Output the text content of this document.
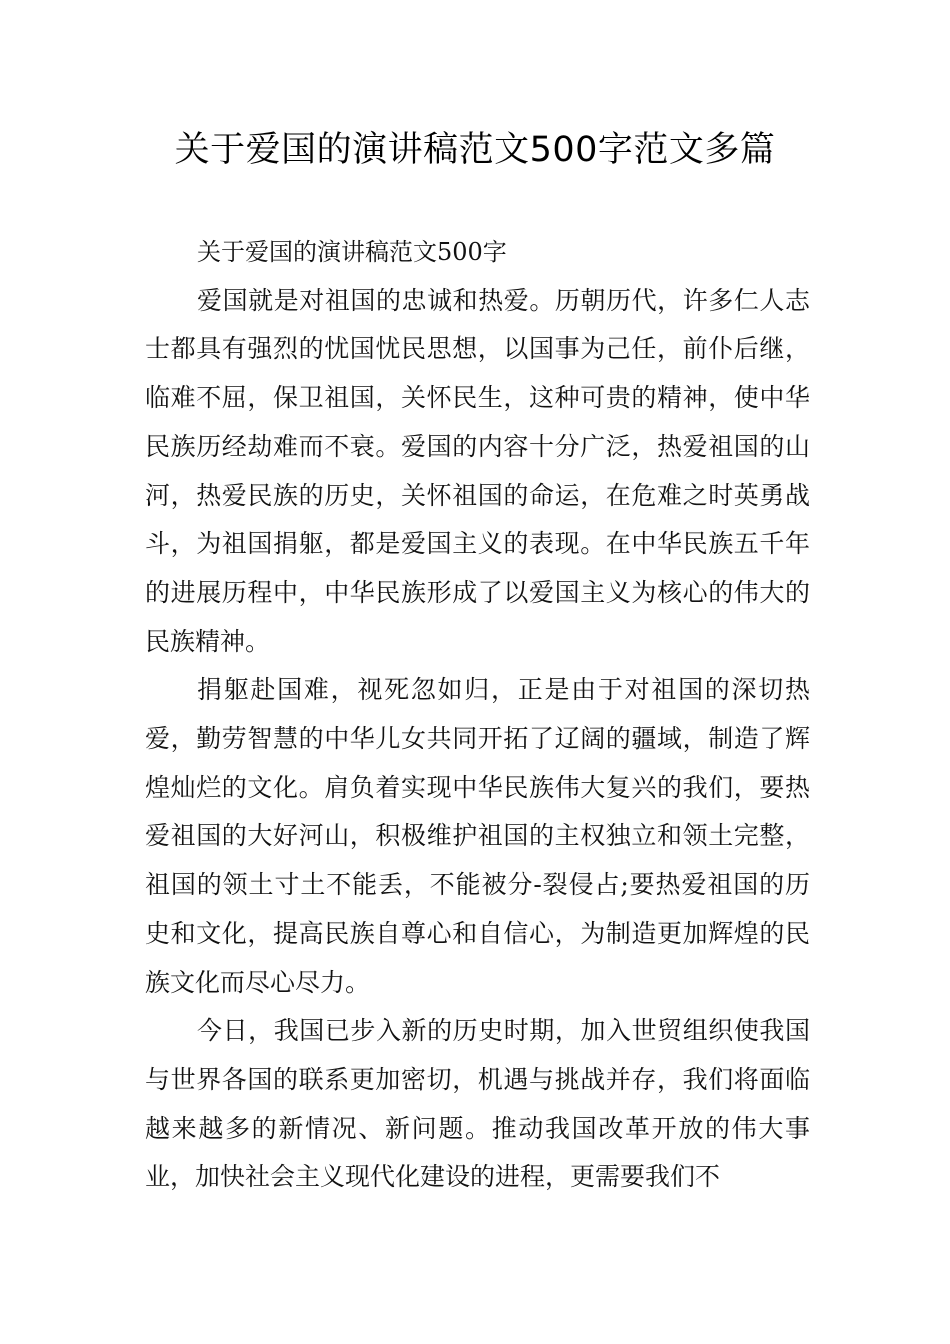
关于爱国的演讲稿范文500字范文多篇

关于爱国的演讲稿范文500字

爱国就是对祖国的忠诚和热爱。历朝历代，许多仁人志士都具有强烈的忧国忧民思想，以国事为己任，前仆后继，临难不屈，保卫祖国，关怀民生，这种可贵的精神，使中华民族历经劫难而不衰。爱国的内容十分广泛，热爱祖国的山河，热爱民族的历史，关怀祖国的命运，在危难之时英勇战斗，为祖国捐躯，都是爱国主义的表现。在中华民族五千年的进展历程中，中华民族形成了以爱国主义为核心的伟大的民族精神。

捐躯赴国难，视死忽如归，正是由于对祖国的深切热爱，勤劳智慧的中华儿女共同开拓了辽阔的疆域，制造了辉煌灿烂的文化。肩负着实现中华民族伟大复兴的我们，要热爱祖国的大好河山，积极维护祖国的主权独立和领土完整，祖国的领土寸土不能丢，不能被分-裂侵占;要热爱祖国的历史和文化，提高民族自尊心和自信心，为制造更加辉煌的民族文化而尽心尽力。

今日，我国已步入新的历史时期，加入世贸组织使我国与世界各国的联系更加密切，机遇与挑战并存，我们将面临越来越多的新情况、新问题。推动我国改革开放的伟大事业，加快社会主义现代化建设的进程，更需要我们不
